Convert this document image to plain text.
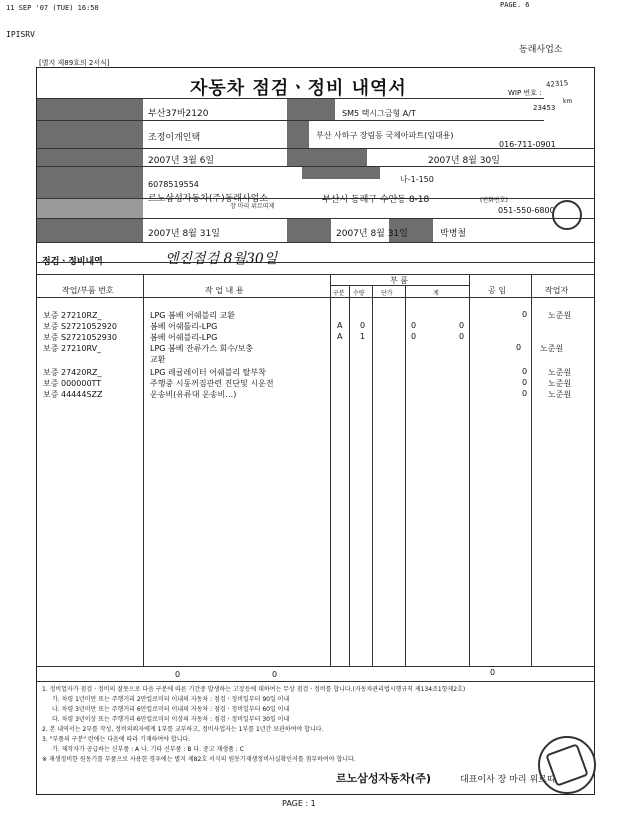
11 SEP '07 (TUE) 16:50	PAGE. 6
IPISRV
동래사업소
[별지 제89호의 2서식]
자동차 점검ㆍ정비 내역서	WIP 번호 :
42315
23453
km
부산37바2120	SM5 택시그금형 A/T
조정이개인택	부산 사하구 장림동 국제아파트(임대용)
016-711-0901
2007년 3월 6일	2007년 8월 30일
6078519554
나-1-150
르노삼성자동차(주)동래사업소
장 마리 위르띠제
부산시 동래구 수안동 8-18	(전화번호)
051-550-6800
2007년 8월 31일	2007년 8월 31일	박병철
점검ㆍ정비내역	엔진점검 8월30일
작업/부품 번호	작 업 내 용
부 품
구분 수량	단가	계	공 임	작업자
보증 27210RZ_	LPG 봄베 어쉐블리 교환	0	노준원
보증 S2721052920	봄베 어쉐틀리-LPG	A 0	0	0
보증 S2721052930	봄베 어쉐블리-LPG	A 1	0	0
보증 27210RV_	LPG 봄베 잔류가스 회수/보충	0 노준원
교환
보증 27420RZ_	LPG 레귤레이터 어쉐블리 탈부착	0	노준원
보증 000000TT	주행중 시동꺼짐관련 진단및 시운전	0	노준원
보증 44444SZZ	운송비(유류대 운송비…)	0	노준원
0	0	0
1. 정비업자가 점검ㆍ정비의 잘못으로 다음 구분에 따른 기간중 발생하는 고장등에 대하여는 무상 점검ㆍ정비를 합니다.(자동차관리법시행규칙 제134조1항제2호)
가. 차령 1년미만 또는 주행거리 2만킬로미터 이내의 자동차 : 점검ㆍ정비일부터 90일 이내
나. 차령 3년미만 또는 주행거리 6만킬로미터 이내의 자동차 : 점검ㆍ정비일부터 60일 이내
다. 차령 3년이상 또는 주행거리 6만킬로미터 이상의 자동차 : 점검ㆍ정비일부터 30일 이내
2. 본 내역서는 2부를 작성, 정비의뢰자에게 1부를 교부하고, 정비사업자는 1부를 1년간 보관하여야 합니다.
3. "부품의 구분" 란에는 다음에 따라 기재하여야 합니다.
가. 제작자가 공급하는 신부품 : A 나. 기타 신부품 : B 다. 중고 재생품 : C
※ 재생정비한 원동기를 부품으로 사용한 경우에는 별지 제82호 서식의 원동기재생정비사실확인서를 첨부하여야 합니다.
르노삼성자동차(주)	대표이사 장 마리 위르띠
PAGE : 1
